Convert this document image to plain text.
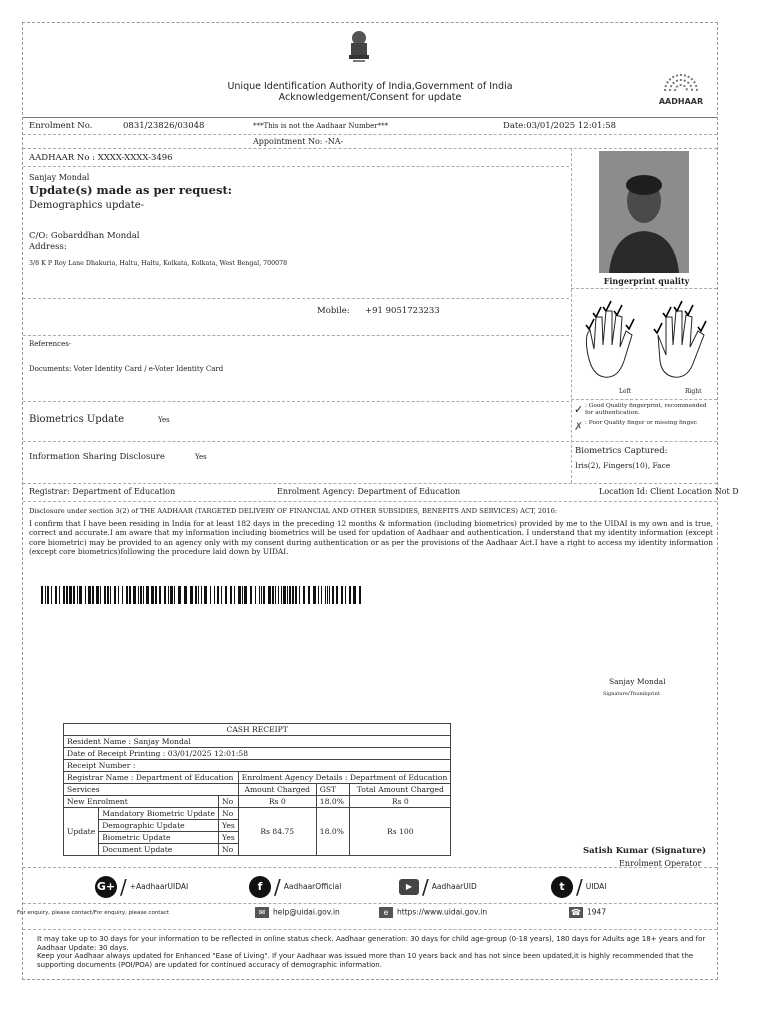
Unique Identification Authority of India,Government of India
Acknowledgement/Consent for update	AADHAAR
Enrolment No.	0831/23826/03048	***This is not the Aadhaar Number***	Date:03/01/2025 12:01:58
Appointment No: -NA-
AADHAAR No : XXXX-XXXX-3496
Sanjay Mondal
Update(s) made as per request:
Demographics update-
C/O: Gobarddhan Mondal
Address:
3/8 K P Roy Lane Dhakuria, Haltu, Haltu, Kolkata, Kolkata, West Bengal, 700078
Mobile: +91 9051723233
References-
Documents: Voter Identity Card / e-Voter Identity Card
Biometrics Update	Yes
Information Sharing Disclosure	Yes
Fingerprint quality
Left	Right
✓ : Good Quality fingerprint, recommended for authentication.
✗ : Poor Quality finger or missing finger.
Biometrics Captured:
Iris(2), Fingers(10), Face
Registrar: Department of Education	Enrolment Agency: Department of Education	Location Id: Client Location Not D
Disclosure under section 3(2) of THE AADHAAR (TARGETED DELIVERY OF FINANCIAL AND OTHER SUBSIDIES, BENEFITS AND SERVICES) ACT, 2016:
I confirm that I have been residing in India for at least 182 days in the preceding 12 months & information (including biometrics) provided by me to the UIDAI is my own and is true, correct and accurate.I am aware that my information including biometrics will be used for updation of Aadhaar and authentication. I understand that my identity information (except core biometric) may be provided to an agency only with my consent during authentication or as per the provisions of the Aadhaar Act.I have a right to access my identity information (except core biometrics)following the procedure laid down by UIDAI.
Sanjay Mondal
Signature/Thumbprint
CASH RECEIPT					
Resident Name : Sanjay Mondal					
Date of Receipt Printing : 03/01/2025 12:01:58					
Receipt Number :					
Registrar Name : Department of Education			Enrolment Agency Details : Department of Education		
Services			Amount Charged	GST	Total Amount Charged
New Enrolment		No	Rs 0	18.0%	Rs 0
Update	Mandatory Biometric Update	No	Rs 84.75	18.0%	Rs 100
	Demographic Update	Yes			
	Biometric Update	Yes			
	Document Update	No				Satish Kumar (Signature)
Enrolment Operator
G+ / +AadhaarUIDAI	f / AadhaarOfficial	▶ / AadhaarUID	t / UIDAI
For enquiry, please contact/For enquiry, please contact	✉ help@uidai.gov.in	e https://www.uidai.gov.in	☎ 1947
It may take up to 30 days for your information to be reflected in online status check. Aadhaar generation: 30 days for child age-group (0-18 years), 180 days for Adults age 18+ years and for Aadhaar Update: 30 days.
Keep your Aadhaar always updated for Enhanced "Ease of Living". If your Aadhaar was issued more than 10 years back and has not since been updated,it is highly recommended that the supporting documents (POI/POA) are updated for continued accuracy of demographic information.
